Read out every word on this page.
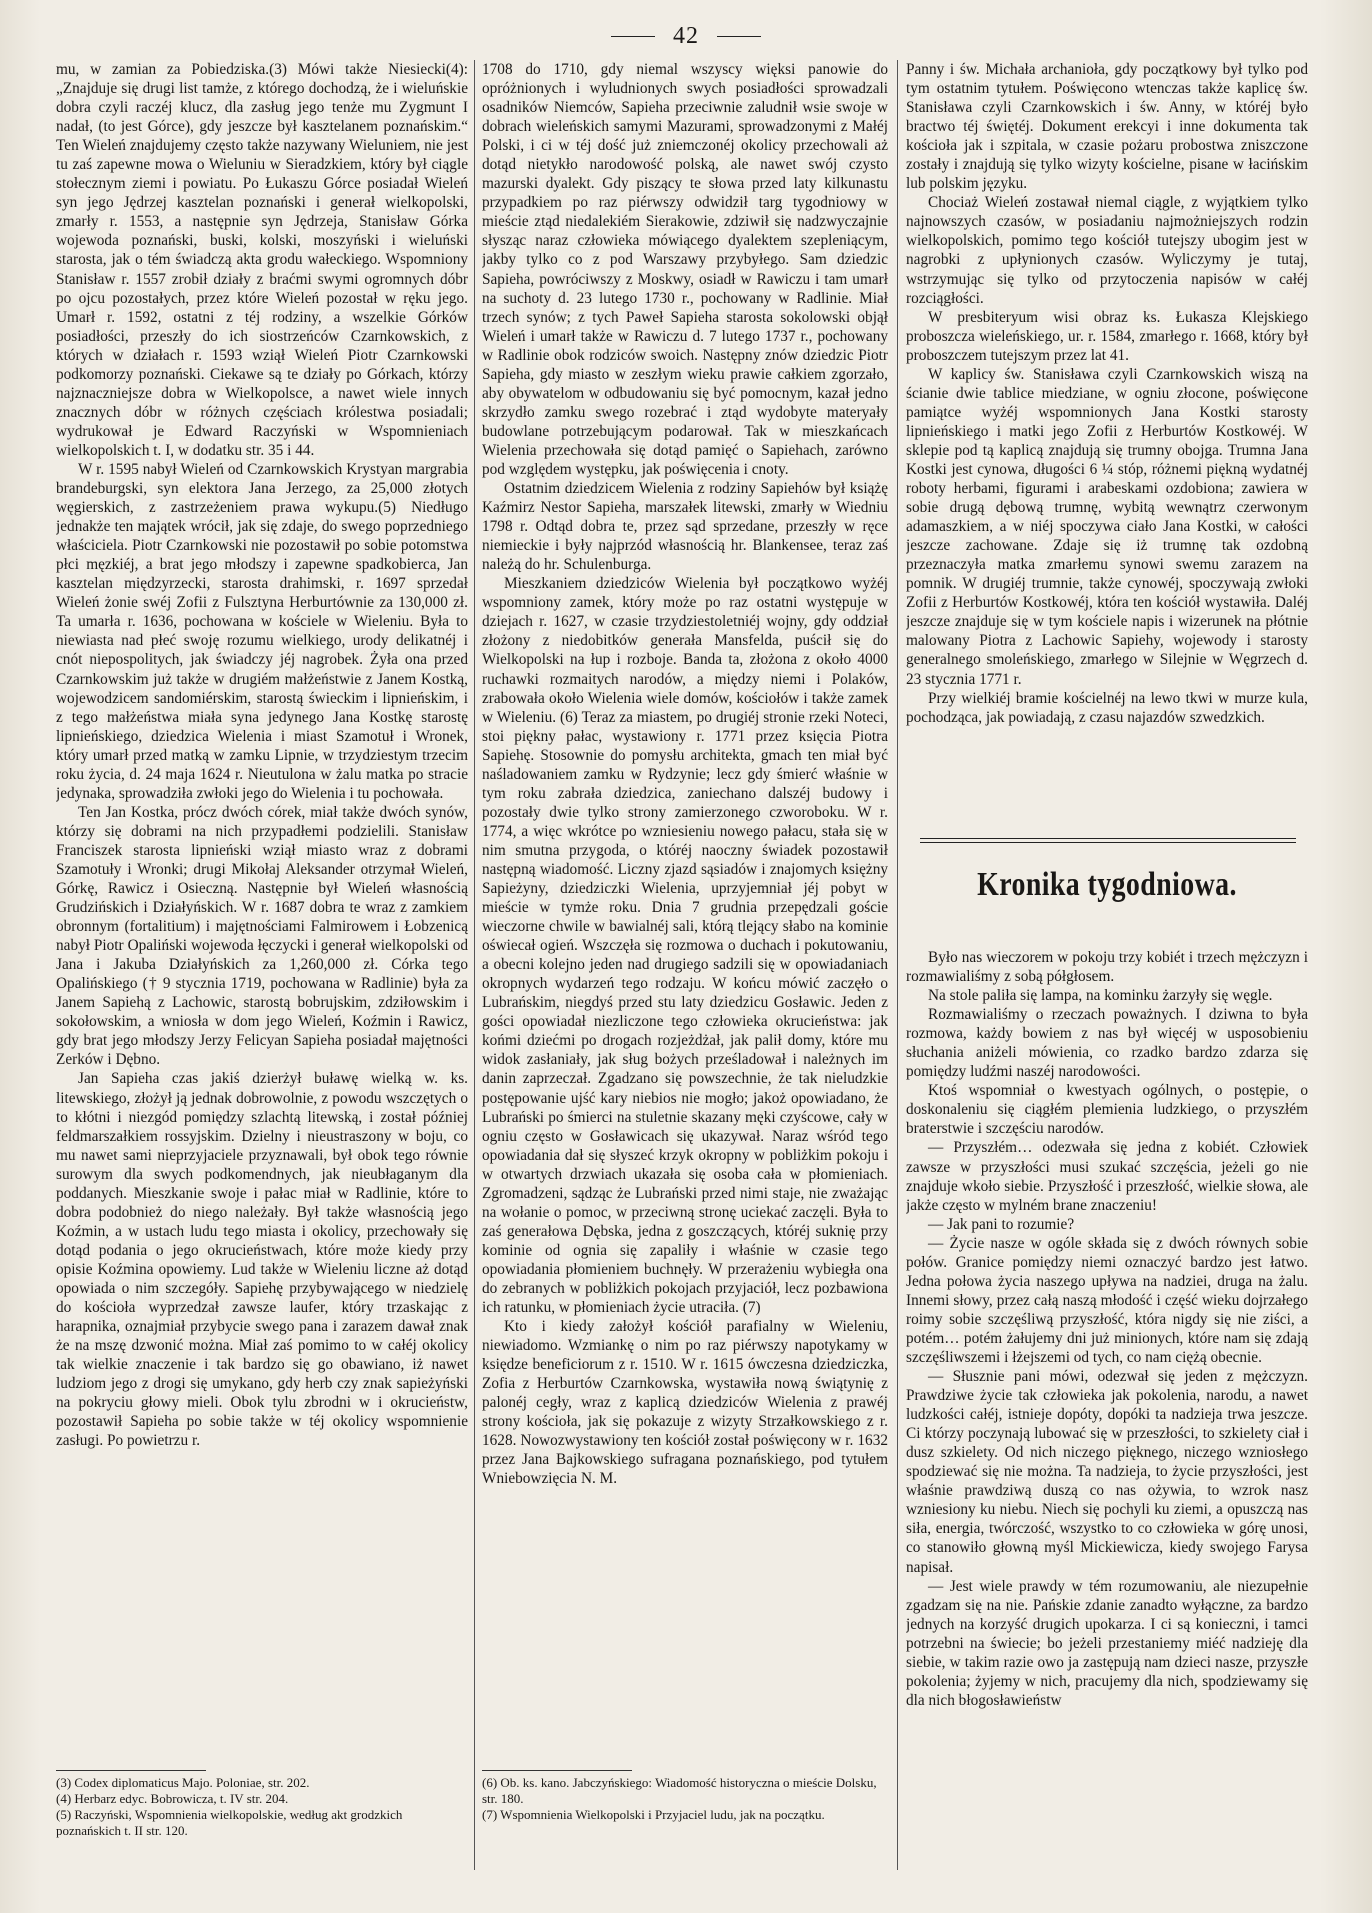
42

mu, w zamian za Pobiedziska.(3) Mówi także Niesiecki(4): „Znajduje się drugi list tamże, z którego dochodzą, że i wieluńskie dobra czyli raczéj klucz, dla zasług jego tenże mu Zygmunt I nadał, (to jest Górce), gdy jeszcze był kasztelanem poznańskim.“ Ten Wieleń znajdujemy często także nazywany Wieluniem, nie jest tu zaś zapewne mowa o Wieluniu w Sieradzkiem, który był ciągle stołecznym ziemi i powiatu. Po Łukaszu Górce posiadał Wieleń syn jego Jędrzej kasztelan poznański i generał wielkopolski, zmarły r. 1553, a następnie syn Jędrzeja, Stanisław Górka wojewoda poznański, buski, kolski, moszyński i wieluński starosta, jak o tém świadczą akta grodu wałeckiego. Wspomniony Stanisław r. 1557 zrobił działy z braćmi swymi ogromnych dóbr po ojcu pozostałych, przez które Wieleń pozostał w ręku jego. Umarł r. 1592, ostatni z téj rodziny, a wszelkie Górków posiadłości, przeszły do ich siostrzeńców Czarnkowskich, z których w działach r. 1593 wziął Wieleń Piotr Czarnkowski podkomorzy poznański. Ciekawe są te działy po Górkach, którzy najznaczniejsze dobra w Wielkopolsce, a nawet wiele innych znacznych dóbr w różnych częściach królestwa posiadali; wydrukował je Edward Raczyński w Wspomnieniach wielkopolskich t. I, w dodatku str. 35 i 44.

W r. 1595 nabył Wieleń od Czarnkowskich Krystyan margrabia brandeburgski, syn elektora Jana Jerzego, za 25,000 złotych węgierskich, z zastrzeżeniem prawa wykupu.(5) Niedługo jednakże ten majątek wrócił, jak się zdaje, do swego poprzedniego właściciela. Piotr Czarnkowski nie pozostawił po sobie potomstwa płci męzkiéj, a brat jego młodszy i zapewne spadkobierca, Jan kasztelan międzyrzecki, starosta drahimski, r. 1697 sprzedał Wieleń żonie swéj Zofii z Fulsztyna Herburtównie za 130,000 zł. Ta umarła r. 1636, pochowana w kościele w Wieleniu. Była to niewiasta nad płeć swoję rozumu wielkiego, urody delikatnéj i cnót niepospolitych, jak świadczy jéj nagrobek. Żyła ona przed Czarnkowskim już także w drugiém małżeństwie z Janem Kostką, wojewodzicem sandomiérskim, starostą świeckim i lipnieńskim, i z tego małżeństwa miała syna jedynego Jana Kostkę starostę lipnieńskiego, dziedzica Wielenia i miast Szamotuł i Wronek, który umarł przed matką w zamku Lipnie, w trzydziestym trzecim roku życia, d. 24 maja 1624 r. Nieutulona w żalu matka po stracie jedynaka, sprowadziła zwłoki jego do Wielenia i tu pochowała.

Ten Jan Kostka, prócz dwóch córek, miał także dwóch synów, którzy się dobrami na nich przypadłemi podzielili. Stanisław Franciszek starosta lipnieński wziął miasto wraz z dobrami Szamotuły i Wronki; drugi Mikołaj Aleksander otrzymał Wieleń, Górkę, Rawicz i Osieczną. Następnie był Wieleń własnością Grudzińskich i Działyńskich. W r. 1687 dobra te wraz z zamkiem obronnym (fortalitium) i majętnościami Falmirowem i Łobzenicą nabył Piotr Opaliński wojewoda łęczycki i generał wielkopolski od Jana i Jakuba Działyńskich za 1,260,000 zł. Córka tego Opalińskiego († 9 stycznia 1719, pochowana w Radlinie) była za Janem Sapiehą z Lachowic, starostą bobrujskim, zdziłowskim i sokołowskim, a wniosła w dom jego Wieleń, Koźmin i Rawicz, gdy brat jego młodszy Jerzy Felicyan Sapieha posiadał majętności Zerków i Dębno.

Jan Sapieha czas jakiś dzierżył buławę wielką w. ks. litewskiego, złożył ją jednak dobrowolnie, z powodu wszczętych o to kłótni i niezgód pomiędzy szlachtą litewską, i został później feldmarszałkiem rossyjskim. Dzielny i nieustraszony w boju, co mu nawet sami nieprzyjaciele przyznawali, był obok tego równie surowym dla swych podkomendnych, jak nieubłaganym dla poddanych. Mieszkanie swoje i pałac miał w Radlinie, które to dobra podobnież do niego należały. Był także własnością jego Koźmin, a w ustach ludu tego miasta i okolicy, przechowały się dotąd podania o jego okrucieństwach, które może kiedy przy opisie Koźmina opowiemy. Lud także w Wieleniu liczne aż dotąd opowiada o nim szczegóły. Sapiehę przybywającego w niedzielę do kościoła wyprzedzał zawsze laufer, który trzaskając z harapnika, oznajmiał przybycie swego pana i zarazem dawał znak że na mszę dzwonić można. Miał zaś pomimo to w całéj okolicy tak wielkie znaczenie i tak bardzo się go obawiano, iż nawet ludziom jego z drogi się umykano, gdy herb czy znak sapieżyński na pokryciu głowy mieli. Obok tylu zbrodni w i okrucieństw, pozostawił Sapieha po sobie także w téj okolicy wspomnienie zasługi. Po powietrzu r.

(3) Codex diplomaticus Majo. Poloniae, str. 202.
(4) Herbarz edyc. Bobrowicza, t. IV str. 204.
(5) Raczyński, Wspomnienia wielkopolskie, według akt grodzkich poznańskich t. II str. 120.

1708 do 1710, gdy niemal wszyscy więksi panowie do opróżnionych i wyludnionych swych posiadłości sprowadzali osadników Niemców, Sapieha przeciwnie zaludnił wsie swoje w dobrach wieleńskich samymi Mazurami, sprowadzonymi z Małéj Polski, i ci w téj dość już zniemczonéj okolicy przechowali aż dotąd nietykło narodowość polską, ale nawet swój czysto mazurski dyalekt. Gdy piszący te słowa przed laty kilkunastu przypadkiem po raz piérwszy odwidził targ tygodniowy w mieście ztąd niedalekiém Sierakowie, zdziwił się nadzwyczajnie słysząc naraz człowieka mówiącego dyalektem szepleniącym, jakby tylko co z pod Warszawy przybyłego. Sam dziedzic Sapieha, powróciwszy z Moskwy, osiadł w Rawiczu i tam umarł na suchoty d. 23 lutego 1730 r., pochowany w Radlinie. Miał trzech synów; z tych Paweł Sapieha starosta sokolowski objął Wieleń i umarł także w Rawiczu d. 7 lutego 1737 r., pochowany w Radlinie obok rodziców swoich. Następny znów dziedzic Piotr Sapieha, gdy miasto w zeszłym wieku prawie całkiem zgorzało, aby obywatelom w odbudowaniu się być pomocnym, kazał jedno skrzydło zamku swego rozebrać i ztąd wydobyte materyały budowlane potrzebującym podarował. Tak w mieszkańcach Wielenia przechowała się dotąd pamięć o Sapiehach, zarówno pod względem występku, jak poświęcenia i cnoty.

Ostatnim dziedzicem Wielenia z rodziny Sapiehów był książę Kaźmirz Nestor Sapieha, marszałek litewski, zmarły w Wiedniu 1798 r. Odtąd dobra te, przez sąd sprzedane, przeszły w ręce niemieckie i były najprzód własnością hr. Blankensee, teraz zaś należą do hr. Schulenburga.

Mieszkaniem dziedziców Wielenia był początkowo wyżéj wspomniony zamek, który może po raz ostatni występuje w dziejach r. 1627, w czasie trzydziestoletniéj wojny, gdy oddział złożony z niedobitków generała Mansfelda, puścił się do Wielkopolski na łup i rozboje. Banda ta, złożona z około 4000 ruchawki rozmaitych narodów, a między niemi i Polaków, zrabowała około Wielenia wiele domów, kościołów i także zamek w Wieleniu. (6) Teraz za miastem, po drugiéj stronie rzeki Noteci, stoi piękny pałac, wystawiony r. 1771 przez księcia Piotra Sapiehę. Stosownie do pomysłu architekta, gmach ten miał być naśladowaniem zamku w Rydzynie; lecz gdy śmierć właśnie w tym roku zabrała dziedzica, zaniechano dalszéj budowy i pozostały dwie tylko strony zamierzonego czworoboku. W r. 1774, a więc wkrótce po wzniesieniu nowego pałacu, stała się w nim smutna przygoda, o któréj naoczny świadek pozostawił następną wiadomość. Liczny zjazd sąsiadów i znajomych księżny Sapieżyny, dziedziczki Wielenia, uprzyjemniał jéj pobyt w mieście w tymże roku. Dnia 7 grudnia przepędzali goście wieczorne chwile w bawialnéj sali, którą tlejący słabo na kominie oświecał ogień. Wszczęła się rozmowa o duchach i pokutowaniu, a obecni kolejno jeden nad drugiego sadzili się w opowiadaniach okropnych wydarzeń tego rodzaju. W końcu mówić zaczęło o Lubrańskim, niegdyś przed stu laty dziedzicu Gosławic. Jeden z gości opowiadał niezliczone tego człowieka okrucieństwa: jak końmi dziećmi po drogach rozjeżdżał, jak palił domy, które mu widok zasłaniały, jak sług bożych prześladował i należnych im danin zaprzeczał. Zgadzano się powszechnie, że tak nieludzkie postępowanie ujść kary niebios nie mogło; jakoż opowiadano, że Lubrański po śmierci na stuletnie skazany męki czyścowe, cały w ogniu często w Gosławicach się ukazywał. Naraz wśród tego opowiadania dał się słyszeć krzyk okropny w pobliżkim pokoju i w otwartych drzwiach ukazała się osoba cała w płomieniach. Zgromadzeni, sądząc że Lubrański przed nimi staje, nie zważając na wołanie o pomoc, w przeciwną stronę uciekać zaczęli. Była to zaś generałowa Dębska, jedna z goszczących, któréj suknię przy kominie od ognia się zapaliły i właśnie w czasie tego opowiadania płomieniem buchnęły. W przerażeniu wybiegła ona do zebranych w pobliżkich pokojach przyjaciół, lecz pozbawiona ich ratunku, w płomieniach życie utraciła. (7)

Kto i kiedy założył kościół parafialny w Wieleniu, niewiadomo. Wzmiankę o nim po raz piérwszy napotykamy w księdze beneficiorum z r. 1510. W r. 1615 ówczesna dziedziczka, Zofia z Herburtów Czarnkowska, wystawiła nową świątynię z palonéj cegły, wraz z kaplicą dziedziców Wielenia z prawéj strony kościoła, jak się pokazuje z wizyty Strzałkowskiego z r. 1628. Nowozwystawiony ten kościół został poświęcony w r. 1632 przez Jana Bajkowskiego sufragana poznańskiego, pod tytułem Wniebowzięcia N. M.

(6) Ob. ks. kano. Jabczyńskiego: Wiadomość historyczna o mieście Dolsku, str. 180.
(7) Wspomnienia Wielkopolski i Przyjaciel ludu, jak na początku.

Panny i św. Michała archanioła, gdy początkowy był tylko pod tym ostatnim tytułem. Poświęcono wtenczas także kaplicę św. Stanisława czyli Czarnkowskich i św. Anny, w któréj było bractwo téj świętéj. Dokument erekcyi i inne dokumenta tak kościoła jak i szpitala, w czasie pożaru probostwa zniszczone zostały i znajdują się tylko wizyty kościelne, pisane w łacińskim lub polskim języku.

Chociaż Wieleń zostawał niemal ciągle, z wyjątkiem tylko najnowszych czasów, w posiadaniu najmożniejszych rodzin wielkopolskich, pomimo tego kościół tutejszy ubogim jest w nagrobki z upłynionych czasów. Wyliczymy je tutaj, wstrzymując się tylko od przytoczenia napisów w całéj rozciągłości.

W presbiteryum wisi obraz ks. Łukasza Klejskiego proboszcza wieleńskiego, ur. r. 1584, zmarłego r. 1668, który był proboszczem tutejszym przez lat 41.

W kaplicy św. Stanisława czyli Czarnkowskich wiszą na ścianie dwie tablice miedziane, w ogniu złocone, poświęcone pamiątce wyżéj wspomnionych Jana Kostki starosty lipnieńskiego i matki jego Zofii z Herburtów Kostkowéj. W sklepie pod tą kaplicą znajdują się trumny obojga. Trumna Jana Kostki jest cynowa, długości 6 ¼ stóp, różnemi piękną wydatnéj roboty herbami, figurami i arabeskami ozdobiona; zawiera w sobie drugą dębową trumnę, wybitą wewnątrz czerwonym adamaszkiem, a w niéj spoczywa ciało Jana Kostki, w całości jeszcze zachowane. Zdaje się iż trumnę tak ozdobną przeznaczyła matka zmarłemu synowi swemu zarazem na pomnik. W drugiéj trumnie, także cynowéj, spoczywają zwłoki Zofii z Herburtów Kostkowéj, która ten kościół wystawiła. Daléj jeszcze znajduje się w tym kościele napis i wizerunek na płótnie malowany Piotra z Lachowic Sapiehy, wojewody i starosty generalnego smoleńskiego, zmarłego w Silejnie w Węgrzech d. 23 stycznia 1771 r.

Przy wielkiéj bramie kościelnéj na lewo tkwi w murze kula, pochodząca, jak powiadają, z czasu najazdów szwedzkich.

Kronika tygodniowa.

Było nas wieczorem w pokoju trzy kobiét i trzech mężczyzn i rozmawialiśmy z sobą półgłosem.

Na stole paliła się lampa, na kominku żarzyły się węgle.

Rozmawialiśmy o rzeczach poważnych. I dziwna to była rozmowa, każdy bowiem z nas był więcéj w usposobieniu słuchania aniżeli mówienia, co rzadko bardzo zdarza się pomiędzy ludźmi naszéj narodowości.

Ktoś wspomniał o kwestyach ogólnych, o postępie, o doskonaleniu się ciągłém plemienia ludzkiego, o przyszłém braterstwie i szczęściu narodów.

— Przyszłém… odezwała się jedna z kobiét. Człowiek zawsze w przyszłości musi szukać szczęścia, jeżeli go nie znajduje wkoło siebie. Przyszłość i przeszłość, wielkie słowa, ale jakże często w mylném brane znaczeniu!

— Jak pani to rozumie?

— Życie nasze w ogóle składa się z dwóch równych sobie połów. Granice pomiędzy niemi oznaczyć bardzo jest łatwo. Jedna połowa życia naszego upływa na nadziei, druga na żalu. Innemi słowy, przez całą naszą młodość i część wieku dojrzałego roimy sobie szczęśliwą przyszłość, która nigdy się nie ziści, a potém… potém żałujemy dni już minionych, które nam się zdają szczęśliwszemi i łżejszemi od tych, co nam ciężą obecnie.

— Słusznie pani mówi, odezwał się jeden z mężczyzn. Prawdziwe życie tak człowieka jak pokolenia, narodu, a nawet ludzkości całéj, istnieje dopóty, dopóki ta nadzieja trwa jeszcze. Ci którzy poczynają lubować się w przeszłości, to szkielety ciał i dusz szkielety. Od nich niczego pięknego, niczego wzniosłego spodziewać się nie można. Ta nadzieja, to życie przyszłości, jest właśnie prawdziwą duszą co nas ożywia, to wzrok nasz wzniesiony ku niebu. Niech się pochyli ku ziemi, a opuszczą nas siła, energia, twórczość, wszystko to co człowieka w górę unosi, co stanowiło głowną myśl Mickiewicza, kiedy swojego Farysa napisał.

— Jest wiele prawdy w tém rozumowaniu, ale niezupełnie zgadzam się na nie. Pańskie zdanie zanadto wyłączne, za bardzo jednych na korzyść drugich upokarza. I ci są konieczni, i tamci potrzebni na świecie; bo jeżeli przestaniemy miéć nadzieję dla siebie, w takim razie owo ja zastępują nam dzieci nasze, przyszłe pokolenia; żyjemy w nich, pracujemy dla nich, spodziewamy się dla nich błogosławieństw
